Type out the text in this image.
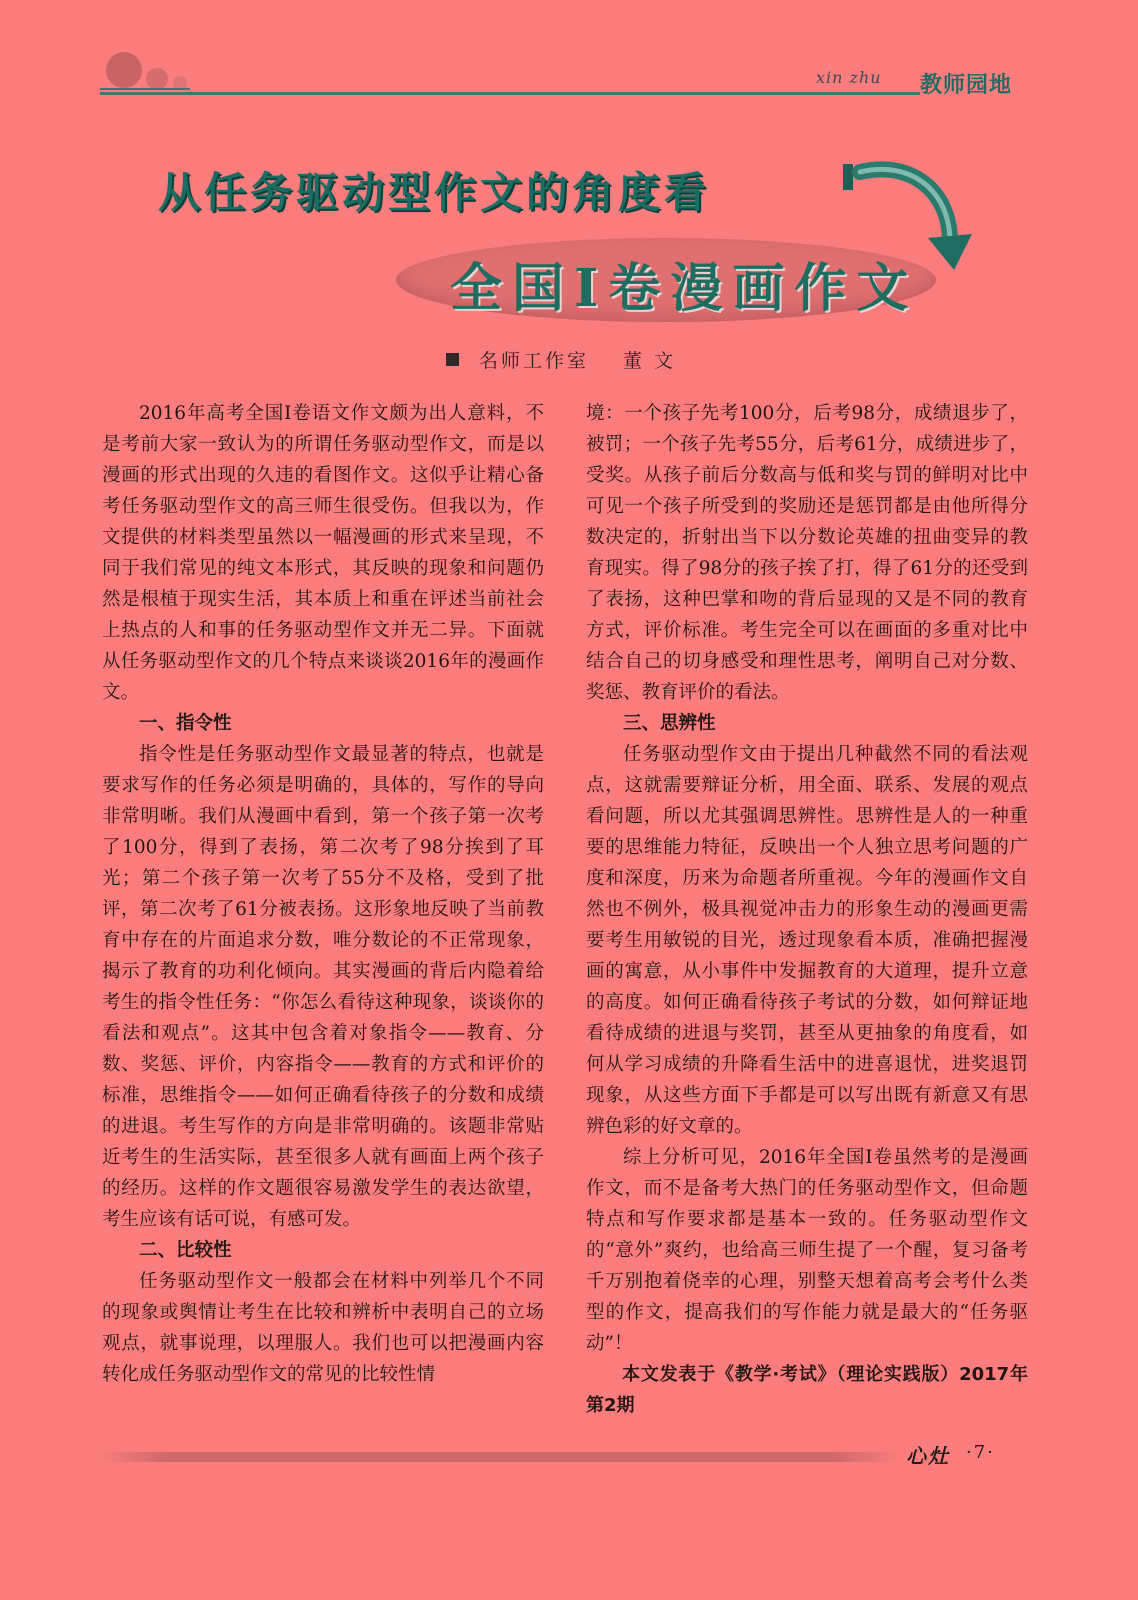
xin zhu 教师园地
从任务驱动型作文的角度看
全国Ⅰ卷漫画作文
名师工作室 董 文

2016年高考全国Ⅰ卷语文作文颇为出人意料，不是考前大家一致认为的所谓任务驱动型作文，而是以漫画的形式出现的久违的看图作文。这似乎让精心备考任务驱动型作文的高三师生很受伤。但我以为，作文提供的材料类型虽然以一幅漫画的形式来呈现，不同于我们常见的纯文本形式，其反映的现象和问题仍然是根植于现实生活，其本质上和重在评述当前社会上热点的人和事的任务驱动型作文并无二异。下面就从任务驱动型作文的几个特点来谈谈2016年的漫画作文。

一、指令性

指令性是任务驱动型作文最显著的特点，也就是要求写作的任务必须是明确的，具体的，写作的导向非常明晰。我们从漫画中看到，第一个孩子第一次考了100分，得到了表扬，第二次考了98分挨到了耳光；第二个孩子第一次考了55分不及格，受到了批评，第二次考了61分被表扬。这形象地反映了当前教育中存在的片面追求分数，唯分数论的不正常现象，揭示了教育的功利化倾向。其实漫画的背后内隐着给考生的指令性任务：“你怎么看待这种现象，谈谈你的看法和观点”。这其中包含着对象指令——教育、分数、奖惩、评价，内容指令——教育的方式和评价的标准，思维指令——如何正确看待孩子的分数和成绩的进退。考生写作的方向是非常明确的。该题非常贴近考生的生活实际，甚至很多人就有画面上两个孩子的经历。这样的作文题很容易激发学生的表达欲望，考生应该有话可说，有感可发。

二、比较性

任务驱动型作文一般都会在材料中列举几个不同的现象或舆情让考生在比较和辨析中表明自己的立场观点，就事说理，以理服人。我们也可以把漫画内容转化成任务驱动型作文的常见的比较性情

境：一个孩子先考100分，后考98分，成绩退步了，被罚；一个孩子先考55分，后考61分，成绩进步了，受奖。从孩子前后分数高与低和奖与罚的鲜明对比中可见一个孩子所受到的奖励还是惩罚都是由他所得分数决定的，折射出当下以分数论英雄的扭曲变异的教育现实。得了98分的孩子挨了打，得了61分的还受到了表扬，这种巴掌和吻的背后显现的又是不同的教育方式，评价标准。考生完全可以在画面的多重对比中结合自己的切身感受和理性思考，阐明自己对分数、奖惩、教育评价的看法。

三、思辨性

任务驱动型作文由于提出几种截然不同的看法观点，这就需要辩证分析，用全面、联系、发展的观点看问题，所以尤其强调思辨性。思辨性是人的一种重要的思维能力特征，反映出一个人独立思考问题的广度和深度，历来为命题者所重视。今年的漫画作文自然也不例外，极具视觉冲击力的形象生动的漫画更需要考生用敏锐的目光，透过现象看本质，准确把握漫画的寓意，从小事件中发掘教育的大道理，提升立意的高度。如何正确看待孩子考试的分数，如何辩证地看待成绩的进退与奖罚，甚至从更抽象的角度看，如何从学习成绩的升降看生活中的进喜退忧，进奖退罚现象，从这些方面下手都是可以写出既有新意又有思辨色彩的好文章的。

综上分析可见，2016年全国Ⅰ卷虽然考的是漫画作文，而不是备考大热门的任务驱动型作文，但命题特点和写作要求都是基本一致的。任务驱动型作文的“意外”爽约，也给高三师生提了一个醒，复习备考千万别抱着侥幸的心理，别整天想着高考会考什么类型的作文，提高我们的写作能力就是最大的“任务驱动”！

本文发表于《教学·考试》（理论实践版）2017年第2期

心灶 ·7·
